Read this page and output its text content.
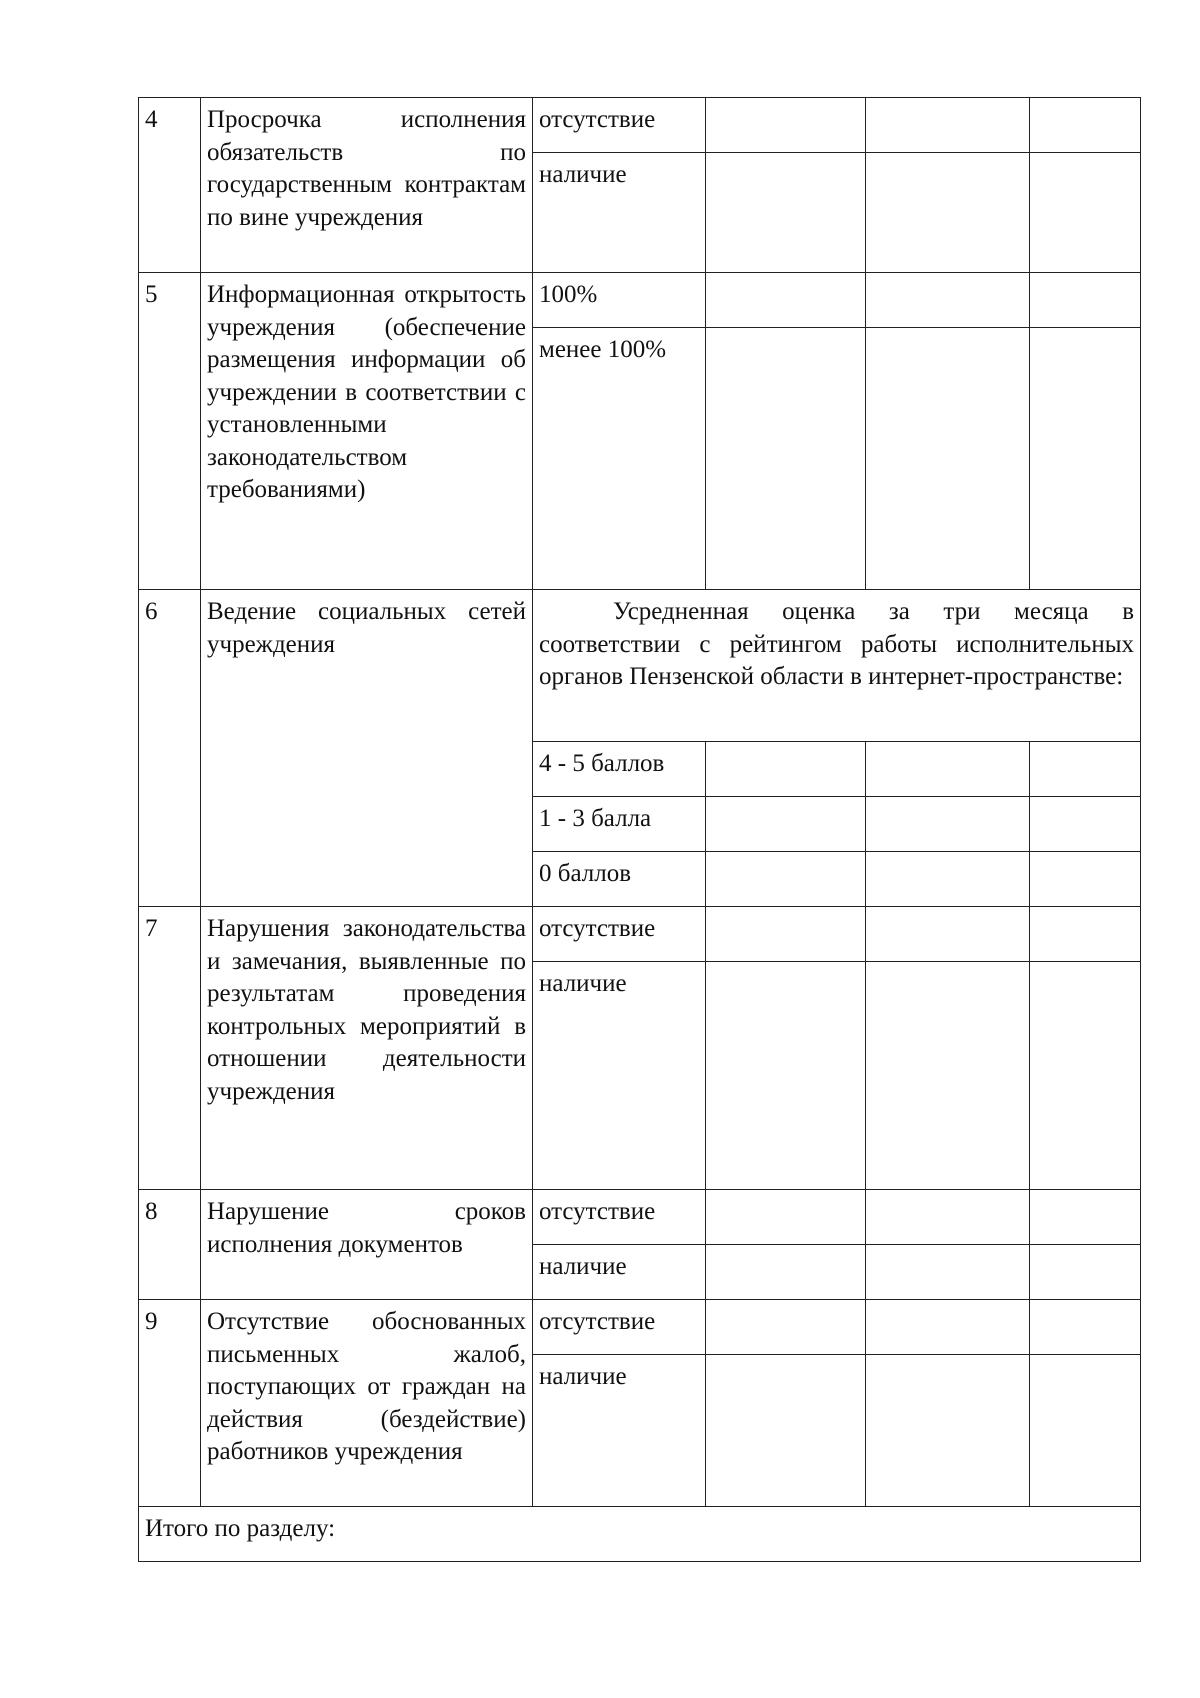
4	Просрочка исполнения обязательств по государственным контрактам по вине учреждения	отсутствие			
		наличие			
5	Информационная открытость учреждения (обеспечение размещения информации об учреждении в соответствии с установленными законодательством требованиями)	100%			
		менее 100%			
6	Ведение социальных сетей учреждения	Усредненная оценка за три месяца в соответствии с рейтингом работы исполнительных органов Пензенской области в интернет-пространстве:			
		4 - 5 баллов			
		1 - 3 балла			
		0 баллов			
7	Нарушения законодательства и замечания, выявленные по результатам проведения контрольных мероприятий в отношении деятельности учреждения	отсутствие			
		наличие			
8	Нарушение сроков исполнения документов	отсутствие			
		наличие			
9	Отсутствие обоснованных письменных жалоб, поступающих от граждан на действия (бездействие) работников учреждения	отсутствие			
		наличие			
Итого по разделу:					
